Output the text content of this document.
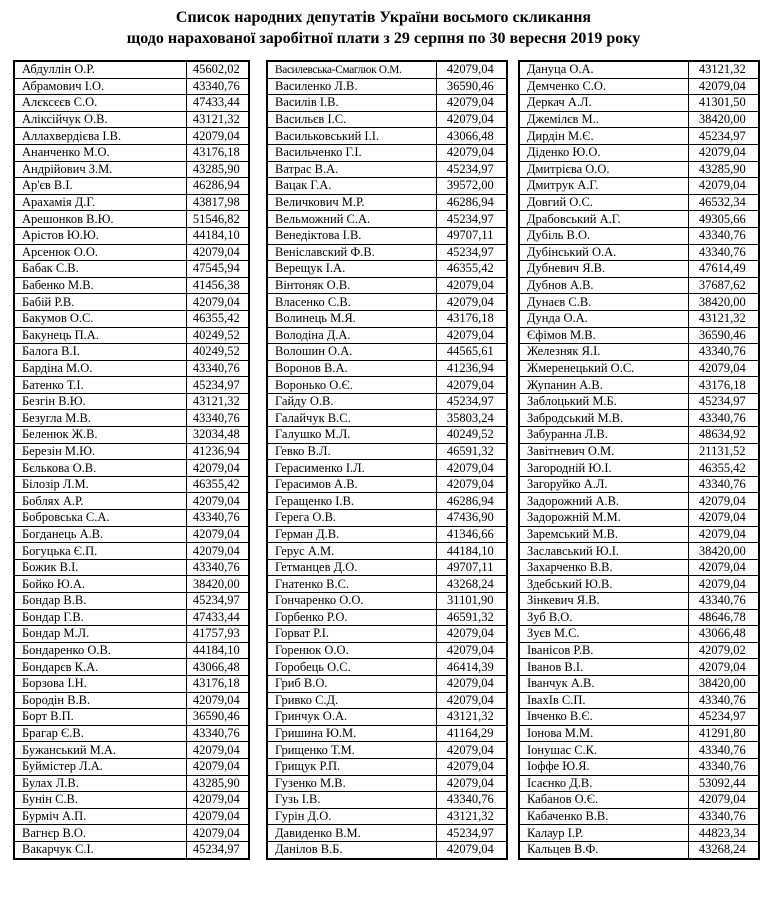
Список народних депутатів України восьмого скликання
щодо нарахованої заробітної плати з 29 серпня по 30 вересня 2019 року
Абдуллін О.Р.	45602,02
Абрамович І.О.	43340,76
Алєксєєв С.О.	47433,44
Аліксійчук О.В.	43121,32
Аллахвердієва І.В.	42079,04
Ананченко М.О.	43176,18
Андрійович З.М.	43285,90
Ар'єв В.І.	46286,94
Арахамія Д.Г.	43817,98
Арешонков В.Ю.	51546,82
Арістов Ю.Ю.	44184,10
Арсенюк О.О.	42079,04
Бабак С.В.	47545,94
Бабенко М.В.	41456,38
Бабій Р.В.	42079,04
Бакумов О.С.	46355,42
Бакунець П.А.	40249,52
Балога В.І.	40249,52
Бардіна М.О.	43340,76
Батенко Т.І.	45234,97
Безгін В.Ю.	43121,32
Безугла М.В.	43340,76
Беленюк Ж.В.	32034,48
Березін М.Ю.	41236,94
Бєлькова О.В.	42079,04
Білозір Л.М.	46355,42
Боблях А.Р.	42079,04
Бобровська С.А.	43340,76
Богданець А.В.	42079,04
Богуцька Є.П.	42079,04
Божик В.І.	43340,76
Бойко Ю.А.	38420,00
Бондар В.В.	45234,97
Бондар Г.В.	47433,44
Бондар М.Л.	41757,93
Бондаренко О.В.	44184,10
Бондарєв К.А.	43066,48
Борзова І.Н.	43176,18
Бородін В.В.	42079,04
Борт В.П.	36590,46
Брагар Є.В.	43340,76
Бужанський М.А.	42079,04
Буймістер Л.А.	42079,04
Булах Л.В.	43285,90
Бунін С.В.	42079,04
Бурміч А.П.	42079,04
Вагнєр В.О.	42079,04
Вакарчук С.І.	45234,97
Василевська-Смаглюк О.М.	42079,04
Василенко Л.В.	36590,46
Василів І.В.	42079,04
Васильєв І.С.	42079,04
Васильковський І.І.	43066,48
Васильченко Г.І.	42079,04
Ватрас В.А.	45234,97
Вацак Г.А.	39572,00
Величкович М.Р.	46286,94
Вельможний С.А.	45234,97
Венедіктова І.В.	49707,11
Веніславский Ф.В.	45234,97
Верещук І.А.	46355,42
Вінтоняк О.В.	42079,04
Власенко С.В.	42079,04
Волинець М.Я.	43176,18
Володіна Д.А.	42079,04
Волошин О.А.	44565,61
Воронов В.А.	41236,94
Воронько О.Є.	42079,04
Гайду О.В.	45234,97
Галайчук В.С.	35803,24
Галушко М.Л.	40249,52
Гевко В.Л.	46591,32
Герасименко І.Л.	42079,04
Герасимов А.В.	42079,04
Геращенко І.В.	46286,94
Герега О.В.	47436,90
Герман Д.В.	41346,66
Герус А.М.	44184,10
Гетманцев Д.О.	49707,11
Гнатенко В.С.	43268,24
Гончаренко О.О.	31101,90
Горбенко Р.О.	46591,32
Горват Р.І.	42079,04
Горенюк О.О.	42079,04
Горобець О.С.	46414,39
Гриб В.О.	42079,04
Гривко С.Д.	42079,04
Гринчук О.А.	43121,32
Гришина Ю.М.	41164,29
Грищенко Т.М.	42079,04
Грищук Р.П.	42079,04
Гузенко М.В.	42079,04
Гузь І.В.	43340,76
Гурін Д.О.	43121,32
Давиденко В.М.	45234,97
Данілов В.Б.	42079,04
Дануца О.А.	43121,32
Демченко С.О.	42079,04
Деркач А.Л.	41301,50
Джемілєв М..	38420,00
Дирдін М.Є.	45234,97
Діденко Ю.О.	42079,04
Дмитрієва О.О.	43285,90
Дмитрук А.Г.	42079,04
Довгий О.С.	46532,34
Драбовський А.Г.	49305,66
Дубіль В.О.	43340,76
Дубінський О.А.	43340,76
Дубневич Я.В.	47614,49
Дубнов А.В.	37687,62
Дунаєв С.В.	38420,00
Дунда О.А.	43121,32
Єфімов М.В.	36590,46
Железняк Я.І.	43340,76
Жмеренецький О.С.	42079,04
Жупанин А.В.	43176,18
Заблоцький М.Б.	45234,97
Забродський М.В.	43340,76
Забуранна Л.В.	48634,92
Завітневич О.М.	21131,52
Загородній Ю.І.	46355,42
Загоруйко А.Л.	43340,76
Задорожний А.В.	42079,04
Задорожній М.М.	42079,04
Заремський М.В.	42079,04
Заславський Ю.І.	38420,00
Захарченко В.В.	42079,04
Здебський Ю.В.	42079,04
Зінкевич Я.В.	43340,76
Зуб В.О.	48646,78
Зуєв М.С.	43066,48
Іванісов Р.В.	42079,02
Іванов В.І.	42079,04
Іванчук А.В.	38420,00
ІвахІв С.П.	43340,76
Івченко В.Є.	45234,97
Іонова М.М.	41291,80
Іонушас С.К.	43340,76
Іоффе Ю.Я.	43340,76
Ісаєнко Д.В.	53092,44
Кабанов О.Є.	42079,04
Кабаченко В.В.	43340,76
Калаур І.Р.	44823,34
Кальцев В.Ф.	43268,24
